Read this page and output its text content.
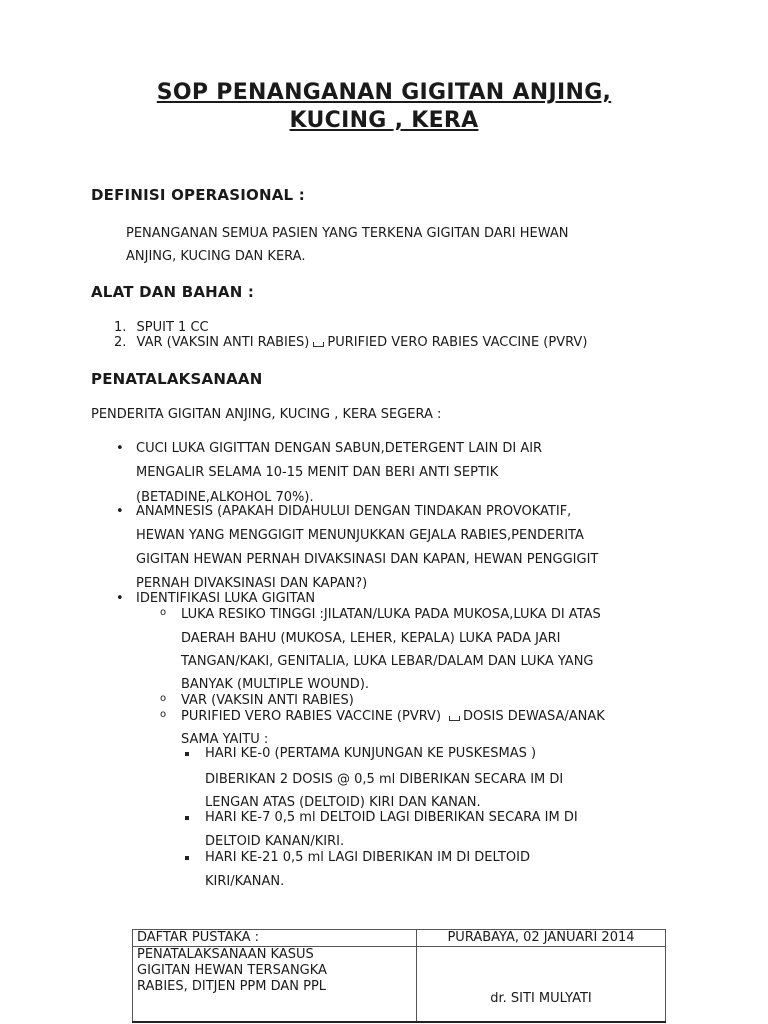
SOP PENANGANAN GIGITAN ANJING,
KUCING , KERA
DEFINISI OPERASIONAL :
PENANGANAN SEMUA PASIEN YANG TERKENA GIGITAN DARI HEWAN
ANJING, KUCING DAN KERA.
ALAT DAN BAHAN :
1. SPUIT 1 CC
2. VAR (VAKSIN ANTI RABIES) PURIFIED VERO RABIES VACCINE (PVRV)
PENATALAKSANAAN
PENDERITA GIGITAN ANJING, KUCING , KERA SEGERA :
• CUCI LUKA GIGITTAN DENGAN SABUN,DETERGENT LAIN DI AIR
MENGALIR SELAMA 10-15 MENIT DAN BERI ANTI SEPTIK
(BETADINE,ALKOHOL 70%).
• ANAMNESIS (APAKAH DIDAHULUI DENGAN TINDAKAN PROVOKATIF,
HEWAN YANG MENGGIGIT MENUNJUKKAN GEJALA RABIES,PENDERITA
GIGITAN HEWAN PERNAH DIVAKSINASI DAN KAPAN, HEWAN PENGGIGIT
PERNAH DIVAKSINASI DAN KAPAN?)
• IDENTIFIKASI LUKA GIGITAN
o LUKA RESIKO TINGGI :JILATAN/LUKA PADA MUKOSA,LUKA DI ATAS
DAERAH BAHU (MUKOSA, LEHER, KEPALA) LUKA PADA JARI
TANGAN/KAKI, GENITALIA, LUKA LEBAR/DALAM DAN LUKA YANG
BANYAK (MULTIPLE WOUND).
o VAR (VAKSIN ANTI RABIES)
o PURIFIED VERO RABIES VACCINE (PVRV) DOSIS DEWASA/ANAK
SAMA YAITU :
HARI KE-0 (PERTAMA KUNJUNGAN KE PUSKESMAS )
DIBERIKAN 2 DOSIS @ 0,5 ml DIBERIKAN SECARA IM DI
LENGAN ATAS (DELTOID) KIRI DAN KANAN.
HARI KE-7 0,5 ml DELTOID LAGI DIBERIKAN SECARA IM DI
DELTOID KANAN/KIRI.
HARI KE-21 0,5 ml LAGI DIBERIKAN IM DI DELTOID
KIRI/KANAN.
DAFTAR PUSTAKA :	PURABAYA, 02 JANUARI 2014

PENATALAKSANAAN KASUS
GIGITAN HEWAN TERSANGKA
RABIES, DITJEN PPM DAN PPL	dr. SITI MULYATI
